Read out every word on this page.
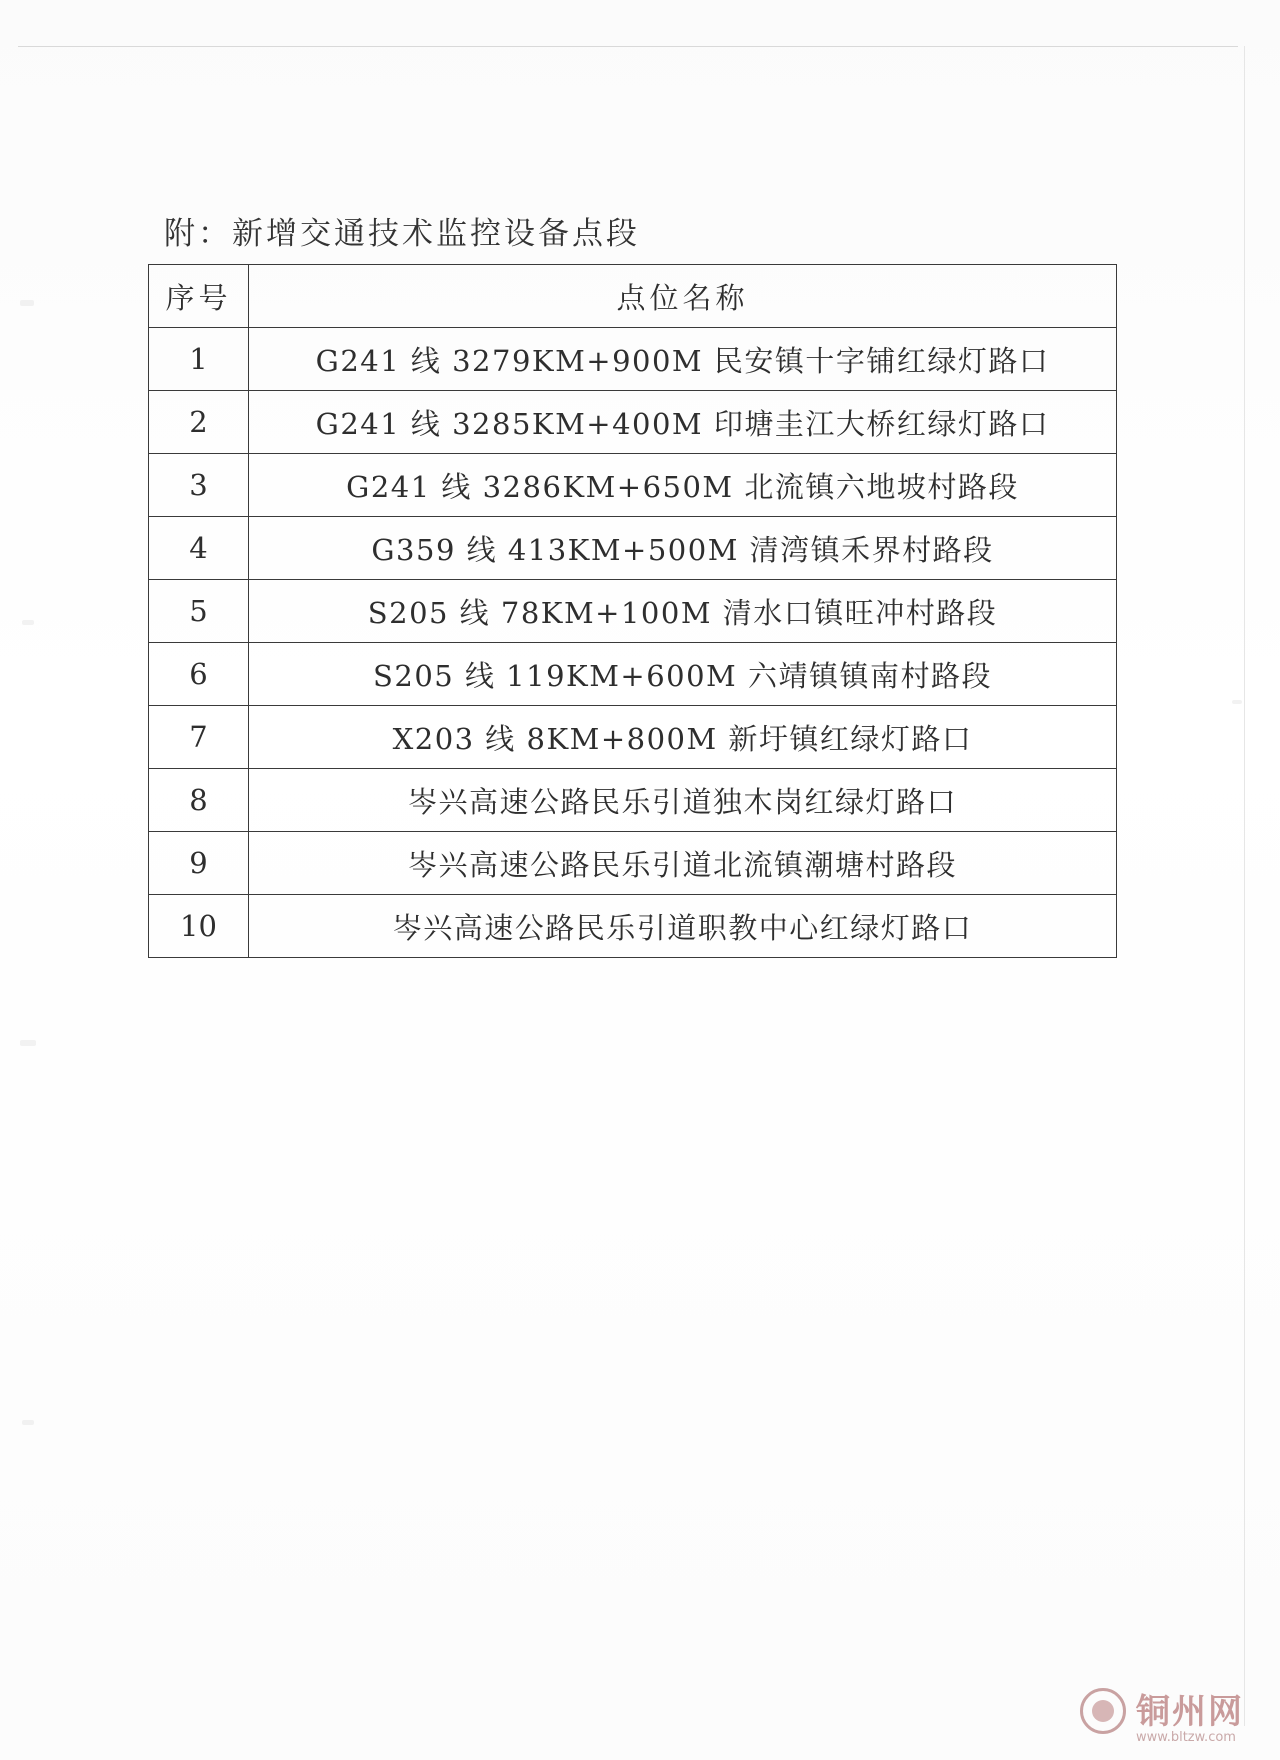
附：新增交通技术监控设备点段
序号	点位名称
1	G241 线 3279KM+900M 民安镇十字铺红绿灯路口
2	G241 线 3285KM+400M 印塘圭江大桥红绿灯路口
3	G241 线 3286KM+650M 北流镇六地坡村路段
4	G359 线 413KM+500M 清湾镇禾界村路段
5	S205 线 78KM+100M 清水口镇旺冲村路段
6	S205 线 119KM+600M 六靖镇镇南村路段
7	X203 线 8KM+800M 新圩镇红绿灯路口
8	岑兴高速公路民乐引道独木岗红绿灯路口
9	岑兴高速公路民乐引道北流镇潮塘村路段
10	岑兴高速公路民乐引道职教中心红绿灯路口
铜州网
www.bltzw.com
